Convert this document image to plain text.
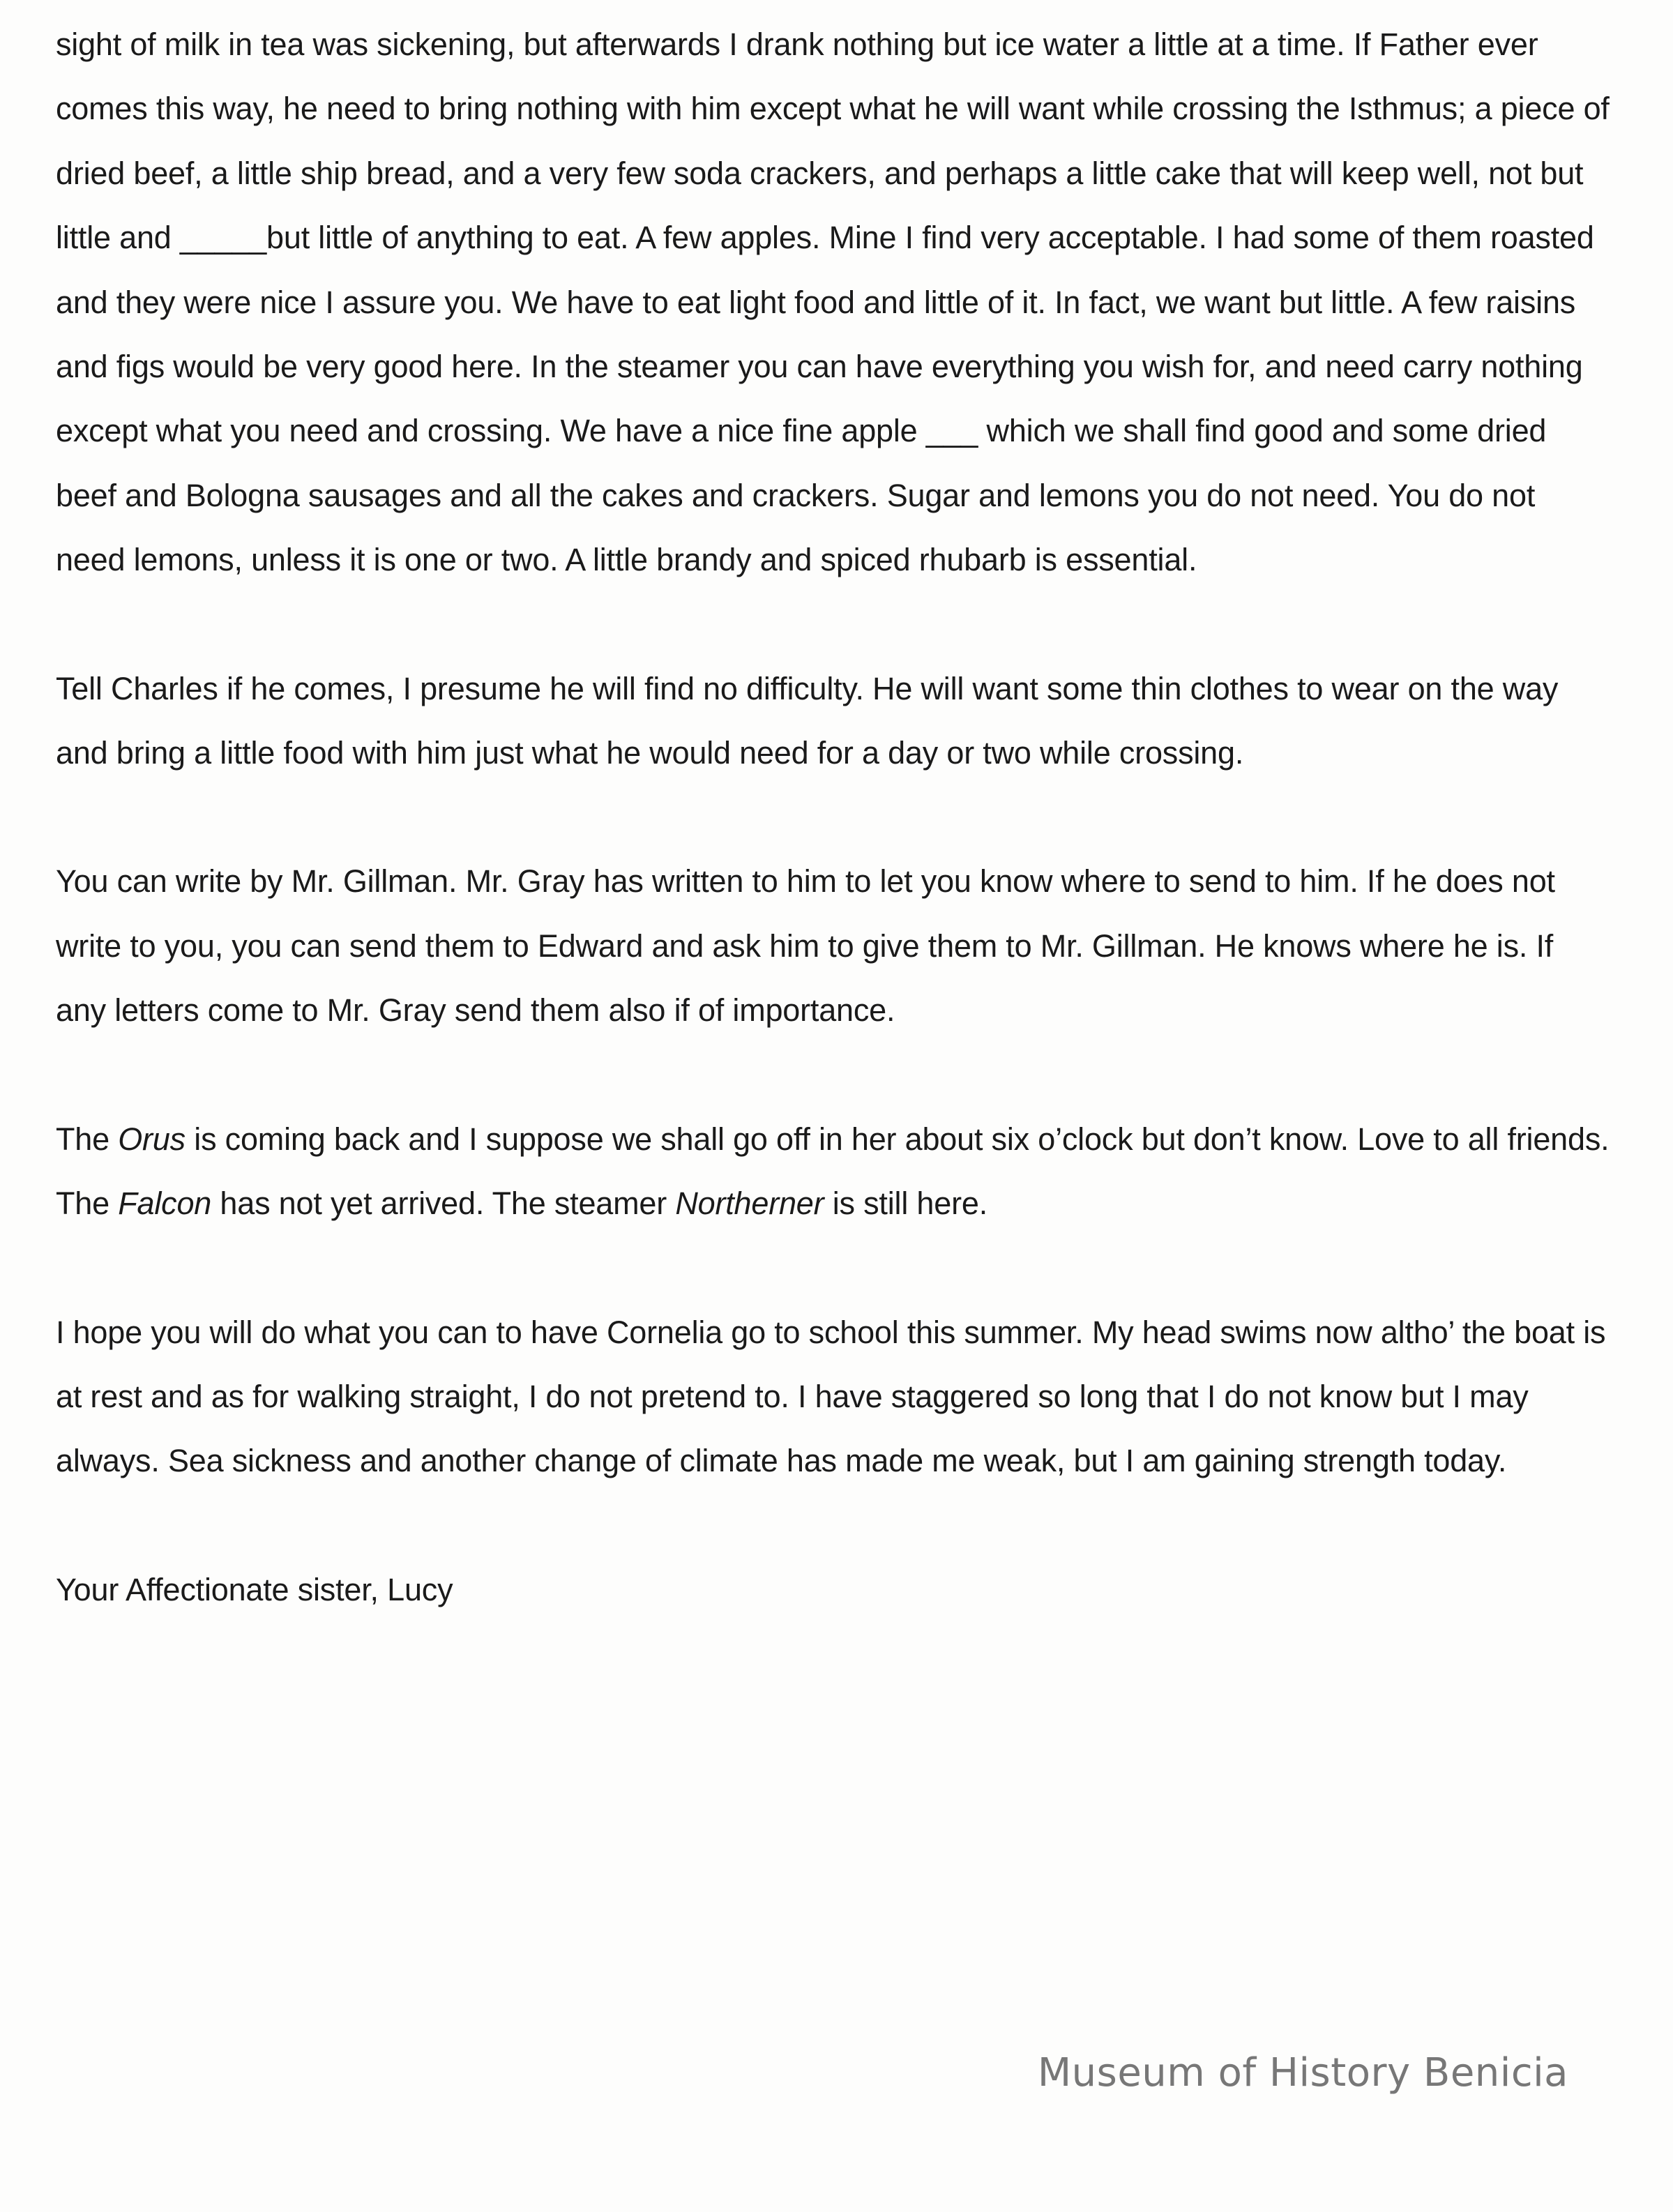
sight of milk in tea was sickening, but afterwards I drank nothing but ice water a little at a time. If Father ever comes this way, he need to bring nothing with him except what he will want while crossing the Isthmus; a piece of dried beef, a little ship bread, and a very few soda crackers, and perhaps a little cake that will keep well, not but little and _____but little of anything to eat. A few apples. Mine I find very acceptable. I had some of them roasted and they were nice I assure you. We have to eat light food and little of it. In fact, we want but little. A few raisins and figs would be very good here. In the steamer you can have everything you wish for, and need carry nothing except what you need and crossing. We have a nice fine apple ___ which we shall find good and some dried beef and Bologna sausages and all the cakes and crackers. Sugar and lemons you do not need. You do not need lemons, unless it is one or two. A little brandy and spiced rhubarb is essential.

Tell Charles if he comes, I presume he will find no difficulty. He will want some thin clothes to wear on the way and bring a little food with him just what he would need for a day or two while crossing.

You can write by Mr. Gillman. Mr. Gray has written to him to let you know where to send to him. If he does not write to you, you can send them to Edward and ask him to give them to Mr. Gillman. He knows where he is. If any letters come to Mr. Gray send them also if of importance.

The Orus is coming back and I suppose we shall go off in her about six o’clock but don’t know. Love to all friends. The Falcon has not yet arrived. The steamer Northerner is still here.

I hope you will do what you can to have Cornelia go to school this summer. My head swims now altho’ the boat is at rest and as for walking straight, I do not pretend to. I have staggered so long that I do not know but I may always. Sea sickness and another change of climate has made me weak, but I am gaining strength today.

Your Affectionate sister, Lucy

Museum of History Benicia
